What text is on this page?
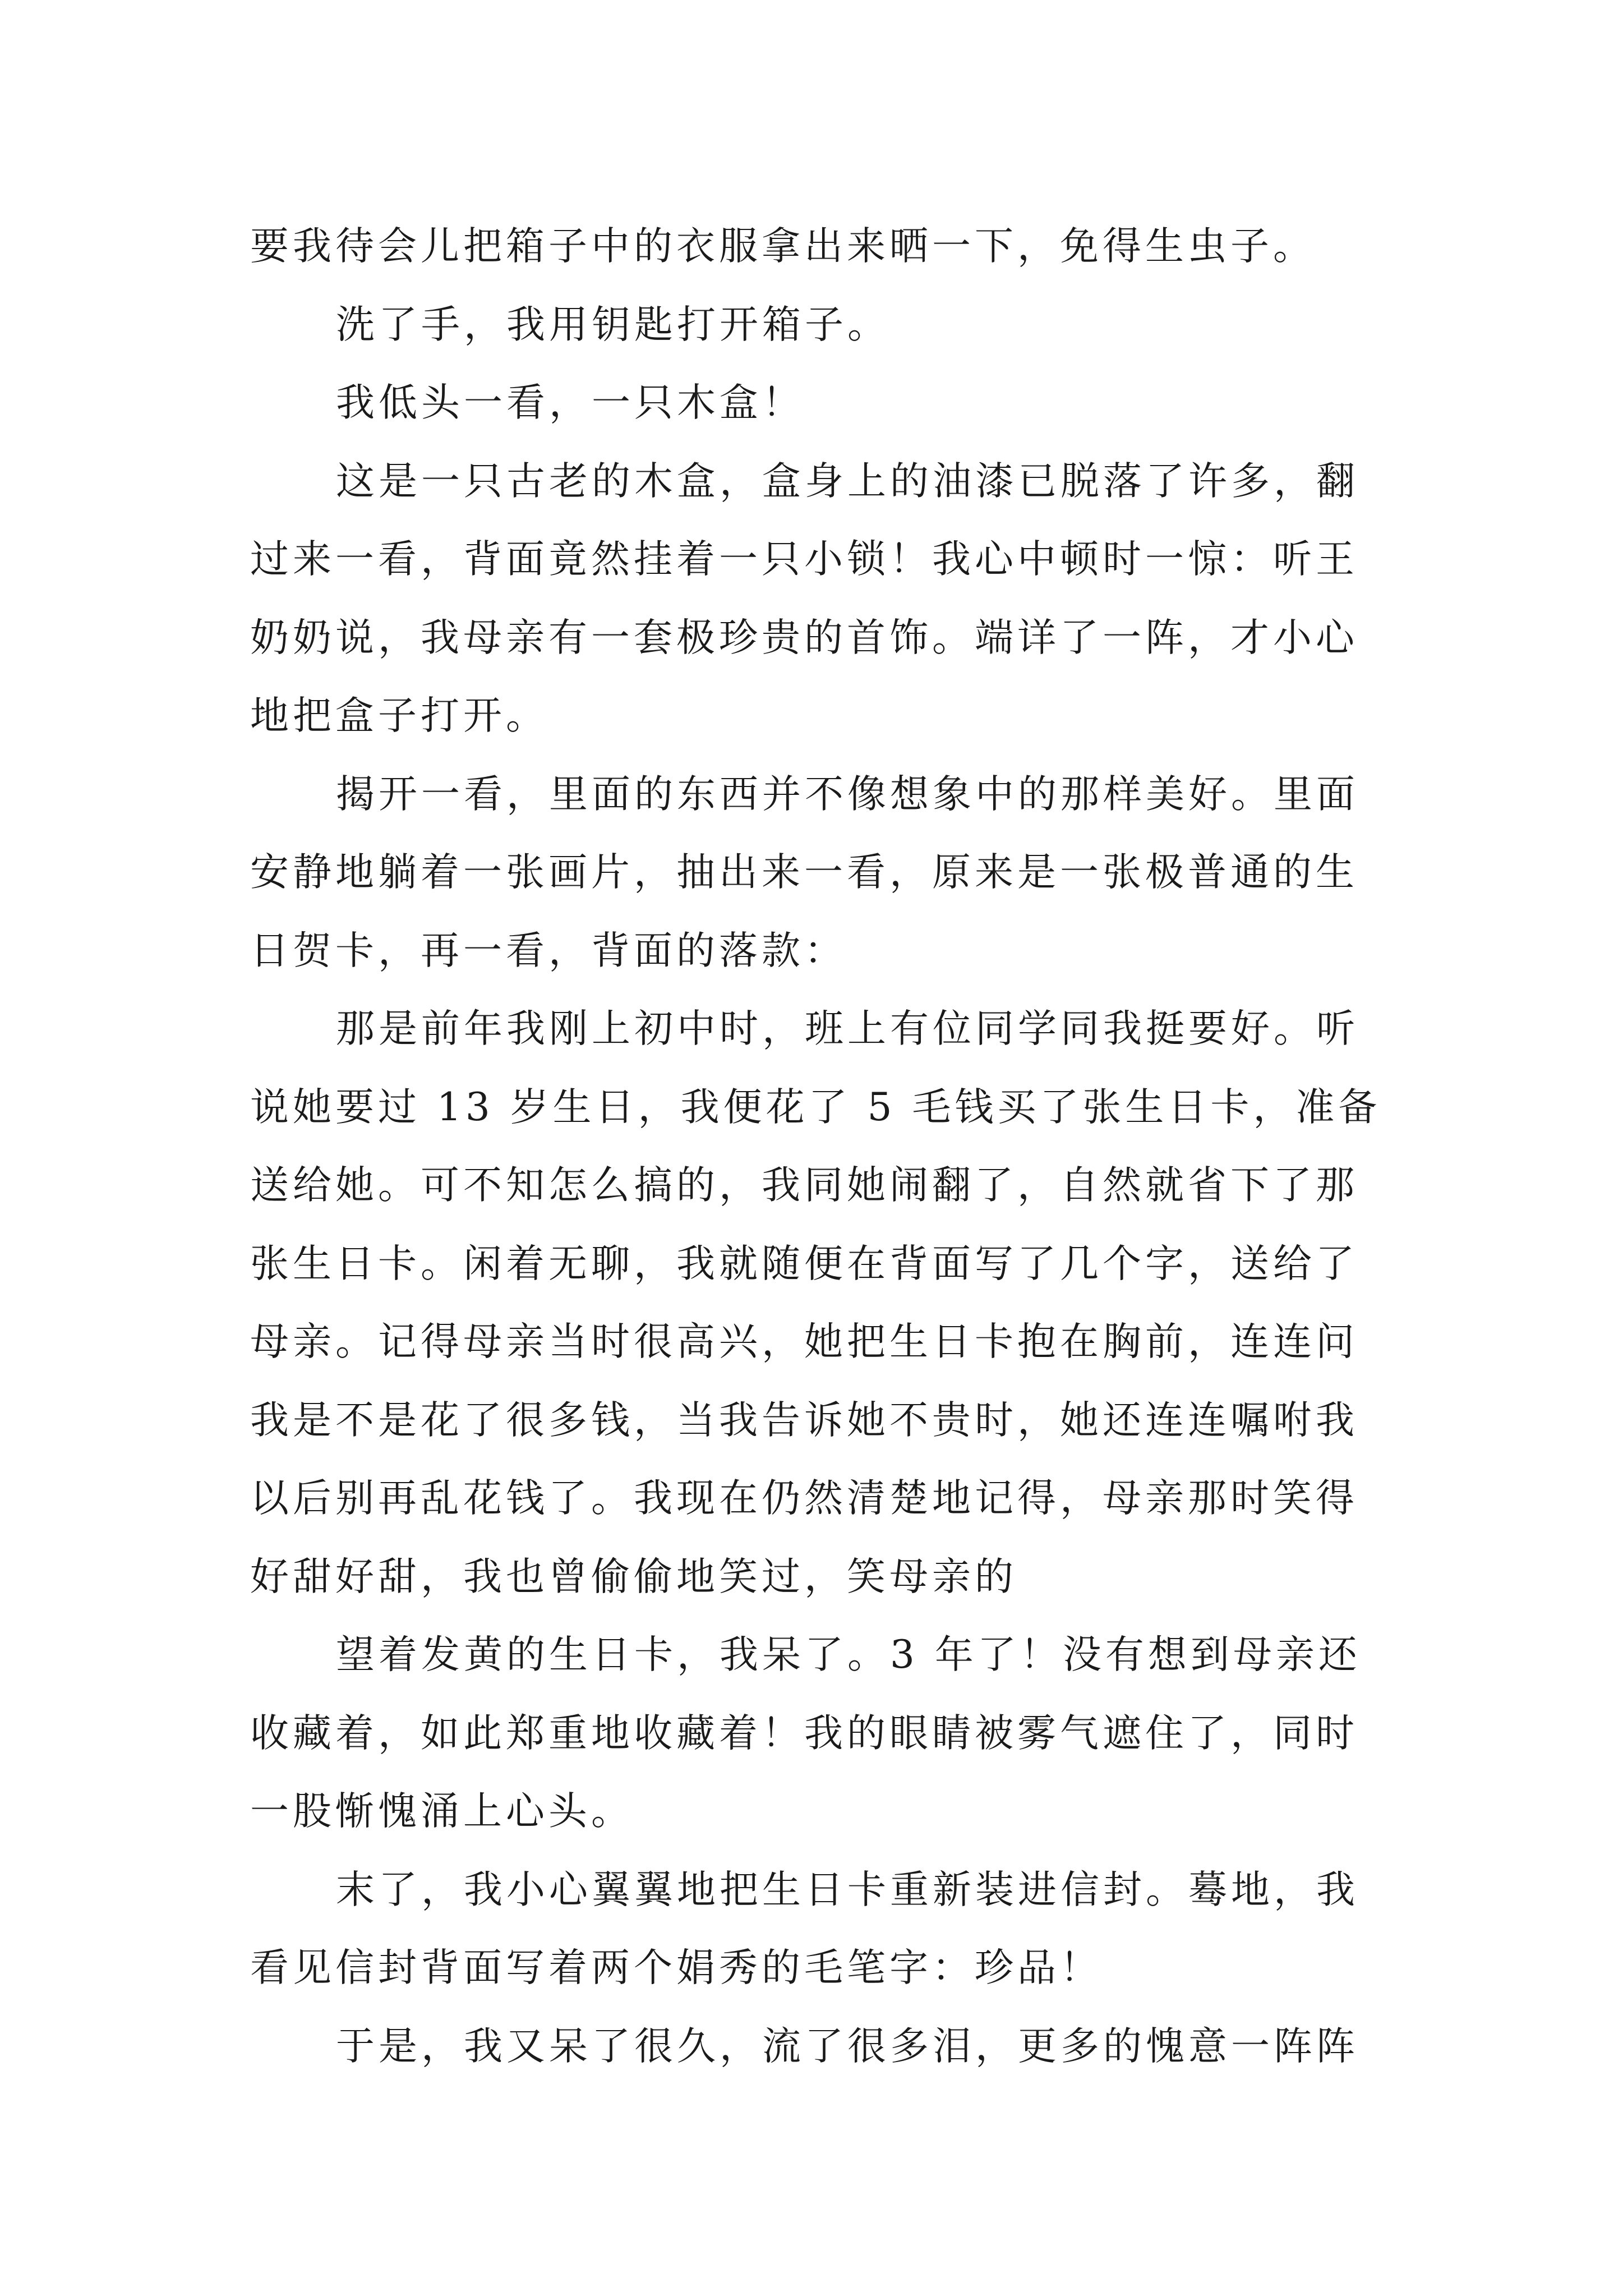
要我待会儿把箱子中的衣服拿出来晒一下，免得生虫子。
洗了手，我用钥匙打开箱子。
我低头一看，一只木盒！
这是一只古老的木盒，盒身上的油漆已脱落了许多，翻
过来一看，背面竟然挂着一只小锁！我心中顿时一惊：听王
奶奶说，我母亲有一套极珍贵的首饰。端详了一阵，才小心
地把盒子打开。
揭开一看，里面的东西并不像想象中的那样美好。里面
安静地躺着一张画片，抽出来一看，原来是一张极普通的生
日贺卡，再一看，背面的落款：
那是前年我刚上初中时，班上有位同学同我挺要好。听
说她要过 13 岁生日，我便花了 5 毛钱买了张生日卡，准备
送给她。可不知怎么搞的，我同她闹翻了，自然就省下了那
张生日卡。闲着无聊，我就随便在背面写了几个字，送给了
母亲。记得母亲当时很高兴，她把生日卡抱在胸前，连连问
我是不是花了很多钱，当我告诉她不贵时，她还连连嘱咐我
以后别再乱花钱了。我现在仍然清楚地记得，母亲那时笑得
好甜好甜，我也曾偷偷地笑过，笑母亲的
望着发黄的生日卡，我呆了。3 年了！没有想到母亲还
收藏着，如此郑重地收藏着！我的眼睛被雾气遮住了，同时
一股惭愧涌上心头。
末了，我小心翼翼地把生日卡重新装进信封。蓦地，我
看见信封背面写着两个娟秀的毛笔字：珍品！
于是，我又呆了很久，流了很多泪，更多的愧意一阵阵
